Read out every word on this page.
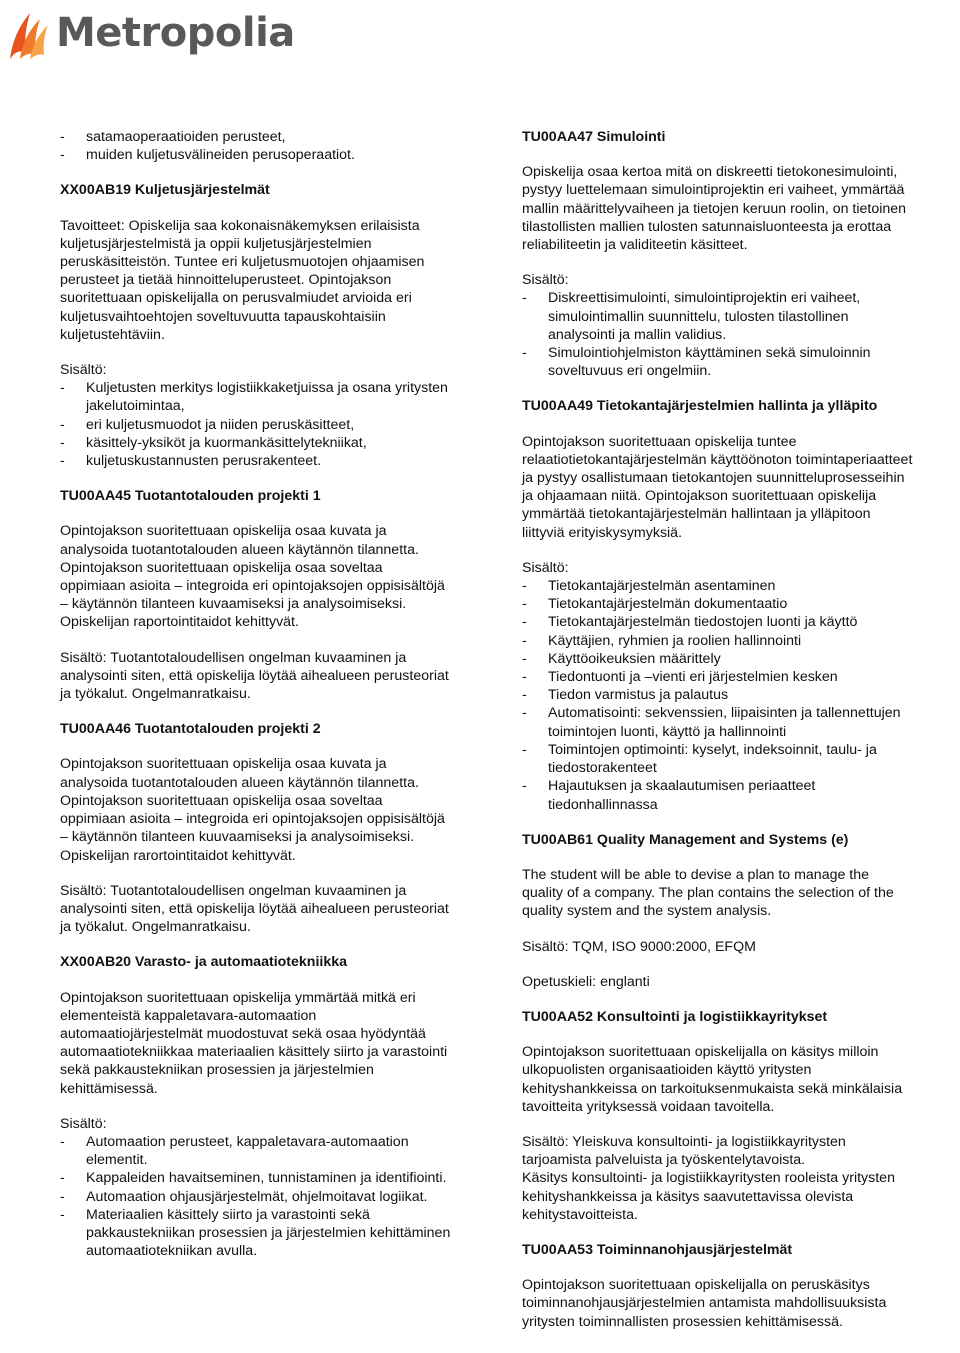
Metropolia
-	satamaoperaatioiden perusteet,
-	muiden kuljetusvälineiden perusoperaatiot.

XX00AB19 Kuljetusjärjestelmät

Tavoitteet: Opiskelija saa kokonaisnäkemyksen erilaisista

kuljetusjärjestelmistä ja oppii kuljetusjärjestelmien

peruskäsitteistön. Tuntee eri kuljetusmuotojen ohjaamisen

perusteet ja tietää hinnoitteluperusteet. Opintojakson

suoritettuaan opiskelijalla on perusvalmiudet arvioida eri

kuljetusvaihtoehtojen soveltuvuutta tapauskohtaisiin

kuljetustehtäviin.

Sisältö:

-	Kuljetusten merkitys logistiikkaketjuissa ja osana yritysten
jakelutoimintaa,
-	eri kuljetusmuodot ja niiden peruskäsitteet,
-	käsittely-yksiköt ja kuormankäsittelytekniikat,
-	kuljetuskustannusten perusrakenteet.

TU00AA45 Tuotantotalouden projekti 1

Opintojakson suoritettuaan opiskelija osaa kuvata ja

analysoida tuotantotalouden alueen käytännön tilannetta.

Opintojakson suoritettuaan opiskelija osaa soveltaa

oppimiaan asioita – integroida eri opintojaksojen oppisisältöjä

– käytännön tilanteen kuvaamiseksi ja analysoimiseksi.

Opiskelijan raportointitaidot kehittyvät.

Sisältö: Tuotantotaloudellisen ongelman kuvaaminen ja

analysointi siten, että opiskelija löytää aihealueen perusteoriat

ja työkalut. Ongelmanratkaisu.

TU00AA46 Tuotantotalouden projekti 2

Opintojakson suoritettuaan opiskelija osaa kuvata ja

analysoida tuotantotalouden alueen käytännön tilannetta.

Opintojakson suoritettuaan opiskelija osaa soveltaa

oppimiaan asioita – integroida eri opintojaksojen oppisisältöjä

– käytännön tilanteen kuuvaamiseksi ja analysoimiseksi.

Opiskelijan rarortointitaidot kehittyvät.

Sisältö: Tuotantotaloudellisen ongelman kuvaaminen ja

analysointi siten, että opiskelija löytää aihealueen perusteoriat

ja työkalut. Ongelmanratkaisu.

XX00AB20 Varasto- ja automaatiotekniikka

Opintojakson suoritettuaan opiskelija ymmärtää mitkä eri

elementeistä kappaletavara-automaation

automaatiojärjestelmät muodostuvat sekä osaa hyödyntää

automaatiotekniikkaa materiaalien käsittely siirto ja varastointi

sekä pakkaustekniikan prosessien ja järjestelmien

kehittämisessä.

Sisältö:

-	Automaation perusteet, kappaletavara-automaation
elementit.
-	Kappaleiden havaitseminen, tunnistaminen ja identifiointi.
-	Automaation ohjausjärjestelmät, ohjelmoitavat logiikat.
-	Materiaalien käsittely siirto ja varastointi sekä
pakkaustekniikan prosessien ja järjestelmien kehittäminen
automaatiotekniikan avulla.

TU00AA47 Simulointi

Opiskelija osaa kertoa mitä on diskreetti tietokonesimulointi,

pystyy luettelemaan simulointiprojektin eri vaiheet, ymmärtää

mallin määrittelyvaiheen ja tietojen keruun roolin, on tietoinen

tilastollisten mallien tulosten satunnaisluonteesta ja erottaa

reliabiliteetin ja validiteetin käsitteet.

Sisältö:

-	Diskreettisimulointi, simulointiprojektin eri vaiheet,
simulointimallin suunnittelu, tulosten tilastollinen
analysointi ja mallin validius.
-	Simulointiohjelmiston käyttäminen sekä simuloinnin
soveltuvuus eri ongelmiin.

TU00AA49 Tietokantajärjestelmien hallinta ja ylläpito

Opintojakson suoritettuaan opiskelija tuntee

relaatiotietokantajärjestelmän käyttöönoton toimintaperiaatteet

ja pystyy osallistumaan tietokantojen suunnitteluprosesseihin

ja ohjaamaan niitä. Opintojakson suoritettuaan opiskelija

ymmärtää tietokantajärjestelmän hallintaan ja ylläpitoon

liittyviä erityiskysymyksiä.

Sisältö:

-	Tietokantajärjestelmän asentaminen
-	Tietokantajärjestelmän dokumentaatio
-	Tietokantajärjestelmän tiedostojen luonti ja käyttö
-	Käyttäjien, ryhmien ja roolien hallinnointi
-	Käyttöoikeuksien määrittely
-	Tiedontuonti ja –vienti eri järjestelmien kesken
-	Tiedon varmistus ja palautus
-	Automatisointi: sekvenssien, liipaisinten ja tallennettujen
toimintojen luonti, käyttö ja hallinnointi
-	Toimintojen optimointi: kyselyt, indeksoinnit, taulu- ja
tiedostorakenteet
-	Hajautuksen ja skaalautumisen periaatteet
tiedonhallinnassa

TU00AB61 Quality Management and Systems (e)

The student will be able to devise a plan to manage the

quality of a company. The plan contains the selection of the

quality system and the system analysis.

Sisältö: TQM, ISO 9000:2000, EFQM

Opetuskieli: englanti

TU00AA52 Konsultointi ja logistiikkayritykset

Opintojakson suoritettuaan opiskelijalla on käsitys milloin

ulkopuolisten organisaatioiden käyttö yritysten

kehityshankkeissa on tarkoituksenmukaista sekä minkälaisia

tavoitteita yrityksessä voidaan tavoitella.

Sisältö: Yleiskuva konsultointi- ja logistiikkayritysten

tarjoamista palveluista ja työskentelytavoista.

Käsitys konsultointi- ja logistiikkayritysten rooleista yritysten

kehityshankkeissa ja käsitys saavutettavissa olevista

kehitystavoitteista.

TU00AA53 Toiminnanohjausjärjestelmät

Opintojakson suoritettuaan opiskelijalla on peruskäsitys

toiminnanohjausjärjestelmien antamista mahdollisuuksista

yritysten toiminnallisten prosessien kehittämisessä.
